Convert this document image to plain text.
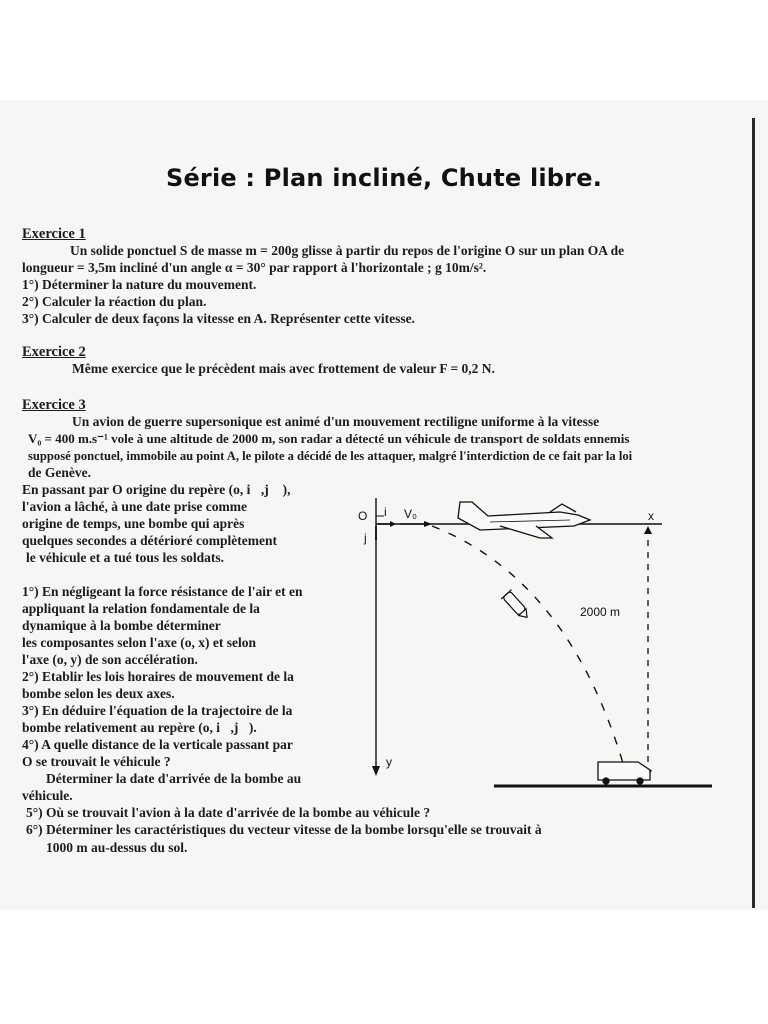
Série : Plan incliné, Chute libre.
Exercice 1
Un solide ponctuel S de masse m = 200g glisse à partir du repos de l'origine O sur un plan OA de
longueur = 3,5m incliné d'un angle α = 30° par rapport à l'horizontale ; g 10m/s².
1°) Déterminer la nature du mouvement.
2°) Calculer la réaction du plan.
3°) Calculer de deux façons la vitesse en A. Représenter cette vitesse.
Exercice 2
Même exercice que le précèdent mais avec frottement de valeur F = 0,2 N.
Exercice 3
Un avion de guerre supersonique est animé d'un mouvement rectiligne uniforme à la vitesse
V₀ = 400 m.s⁻¹ vole à une altitude de 2000 m, son radar a détecté un véhicule de transport de soldats ennemis
supposé ponctuel, immobile au point A, le pilote a décidé de les attaquer, malgré l'interdiction de ce fait par la loi
de Genève.
En passant par O origine du repère (o, i⃗,j⃗ ),
l'avion a lâché, à une date prise comme
origine de temps, une bombe qui après
quelques secondes a détérioré complètement
le véhicule et a tué tous les soldats.
1°) En négligeant la force résistance de l'air et en
appliquant la relation fondamentale de la
dynamique à la bombe déterminer
les composantes selon l'axe (o, x) et selon
l'axe (o, y) de son accélération.
2°) Etablir les lois horaires de mouvement de la
bombe selon les deux axes.
3°) En déduire l'équation de la trajectoire de la
bombe relativement au repère (o, i⃗,j⃗).
4°) A quelle distance de la verticale passant par
O se trouvait le véhicule ?
Déterminer la date d'arrivée de la bombe au
véhicule.
5°) Où se trouvait l'avion à la date d'arrivée de la bombe au véhicule ?
6°) Déterminer les caractéristiques du vecteur vitesse de la bombe lorsqu'elle se trouvait à
1000 m au-dessus du sol.
O i
j
V₀	x
y
2000 m
